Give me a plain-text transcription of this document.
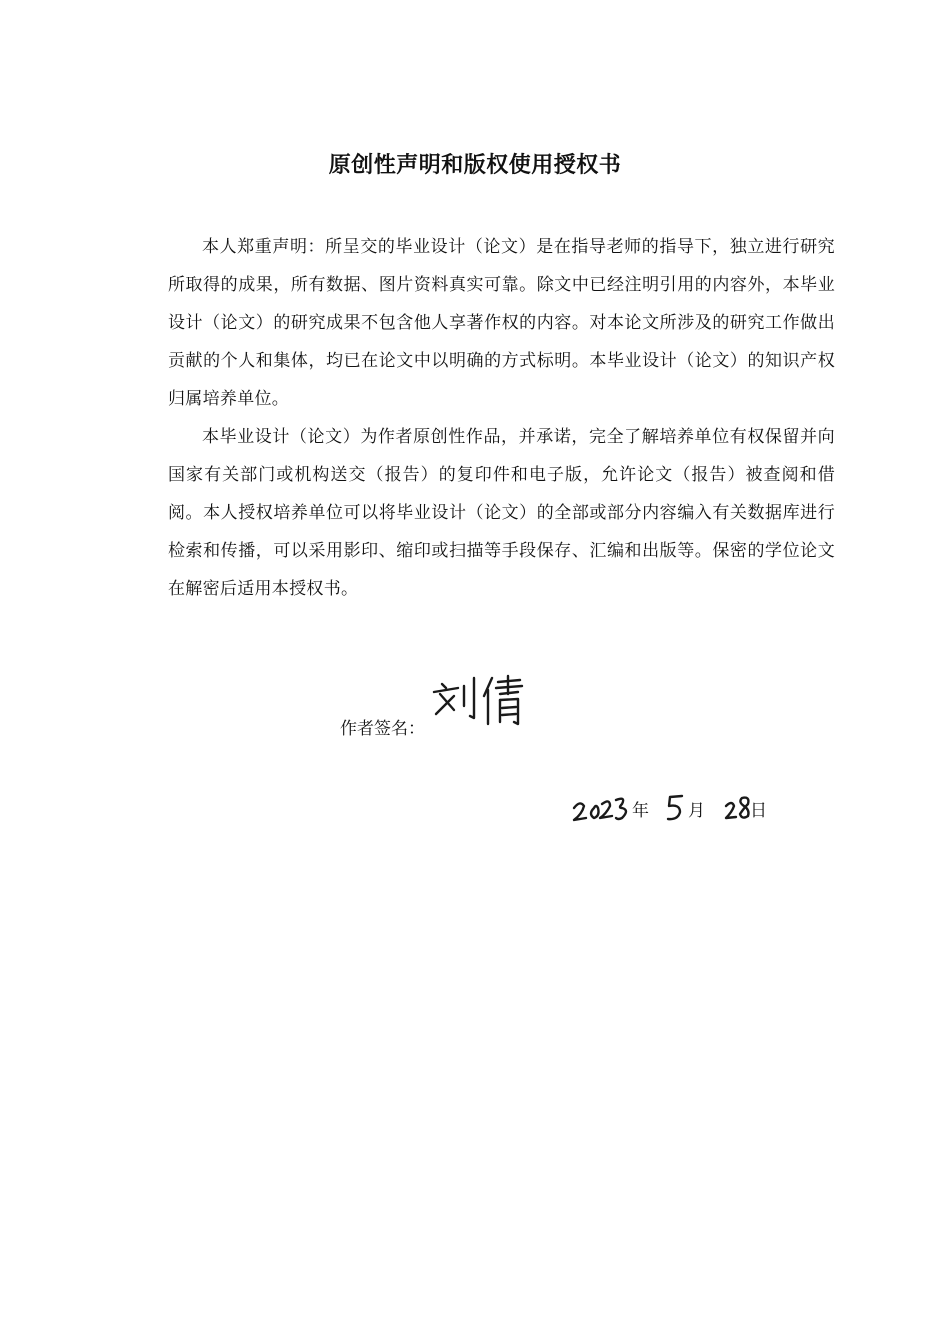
原创性声明和版权使用授权书

本人郑重声明：所呈交的毕业设计（论文）是在指导老师的指导下，独立进行研究所取得的成果，所有数据、图片资料真实可靠。除文中已经注明引用的内容外，本毕业设计（论文）的研究成果不包含他人享著作权的内容。对本论文所涉及的研究工作做出贡献的个人和集体，均已在论文中以明确的方式标明。本毕业设计（论文）的知识产权归属培养单位。

本毕业设计（论文）为作者原创性作品，并承诺，完全了解培养单位有权保留并向国家有关部门或机构送交（报告）的复印件和电子版，允许论文（报告）被查阅和借阅。本人授权培养单位可以将毕业设计（论文）的全部或部分内容编入有关数据库进行检索和传播，可以采用影印、缩印或扫描等手段保存、汇编和出版等。保密的学位论文在解密后适用本授权书。

作者签名：
年 月	日
